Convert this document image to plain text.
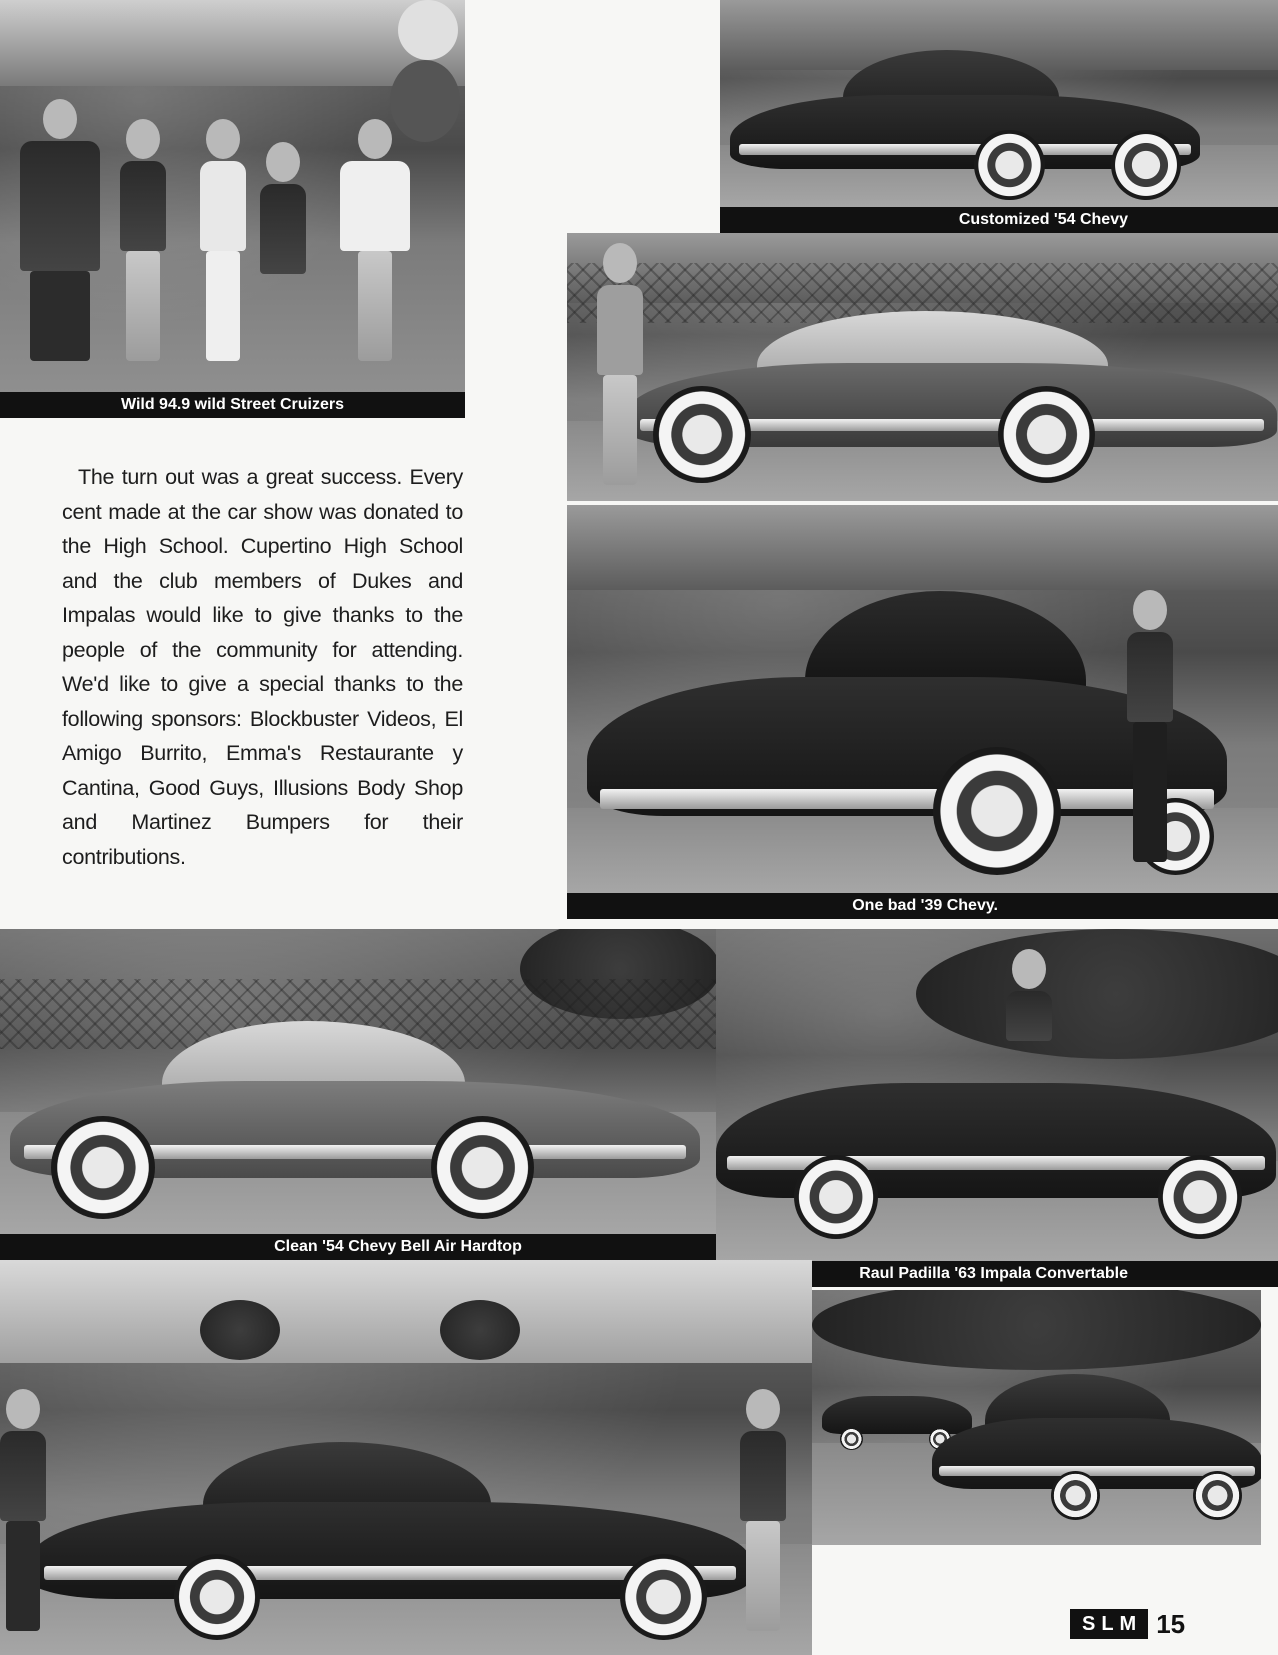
Wild 94.9 wild Street Cruizers
Customized '54 Chevy
One bad '39 Chevy.

The turn out was a great success. Every cent made at the car show was donated to the High School. Cupertino High School and the club members of Dukes and Impalas would like to give thanks to the people of the community for attending. We'd like to give a special thanks to the following sponsors: Blockbuster Videos, El Amigo Burrito, Emma's Restaurante y Cantina, Good Guys, Illusions Body Shop and Martinez Bumpers for their contributions.

Clean '54 Chevy Bell Air Hardtop
Raul Padilla '63 Impala Convertable
SLM 15
